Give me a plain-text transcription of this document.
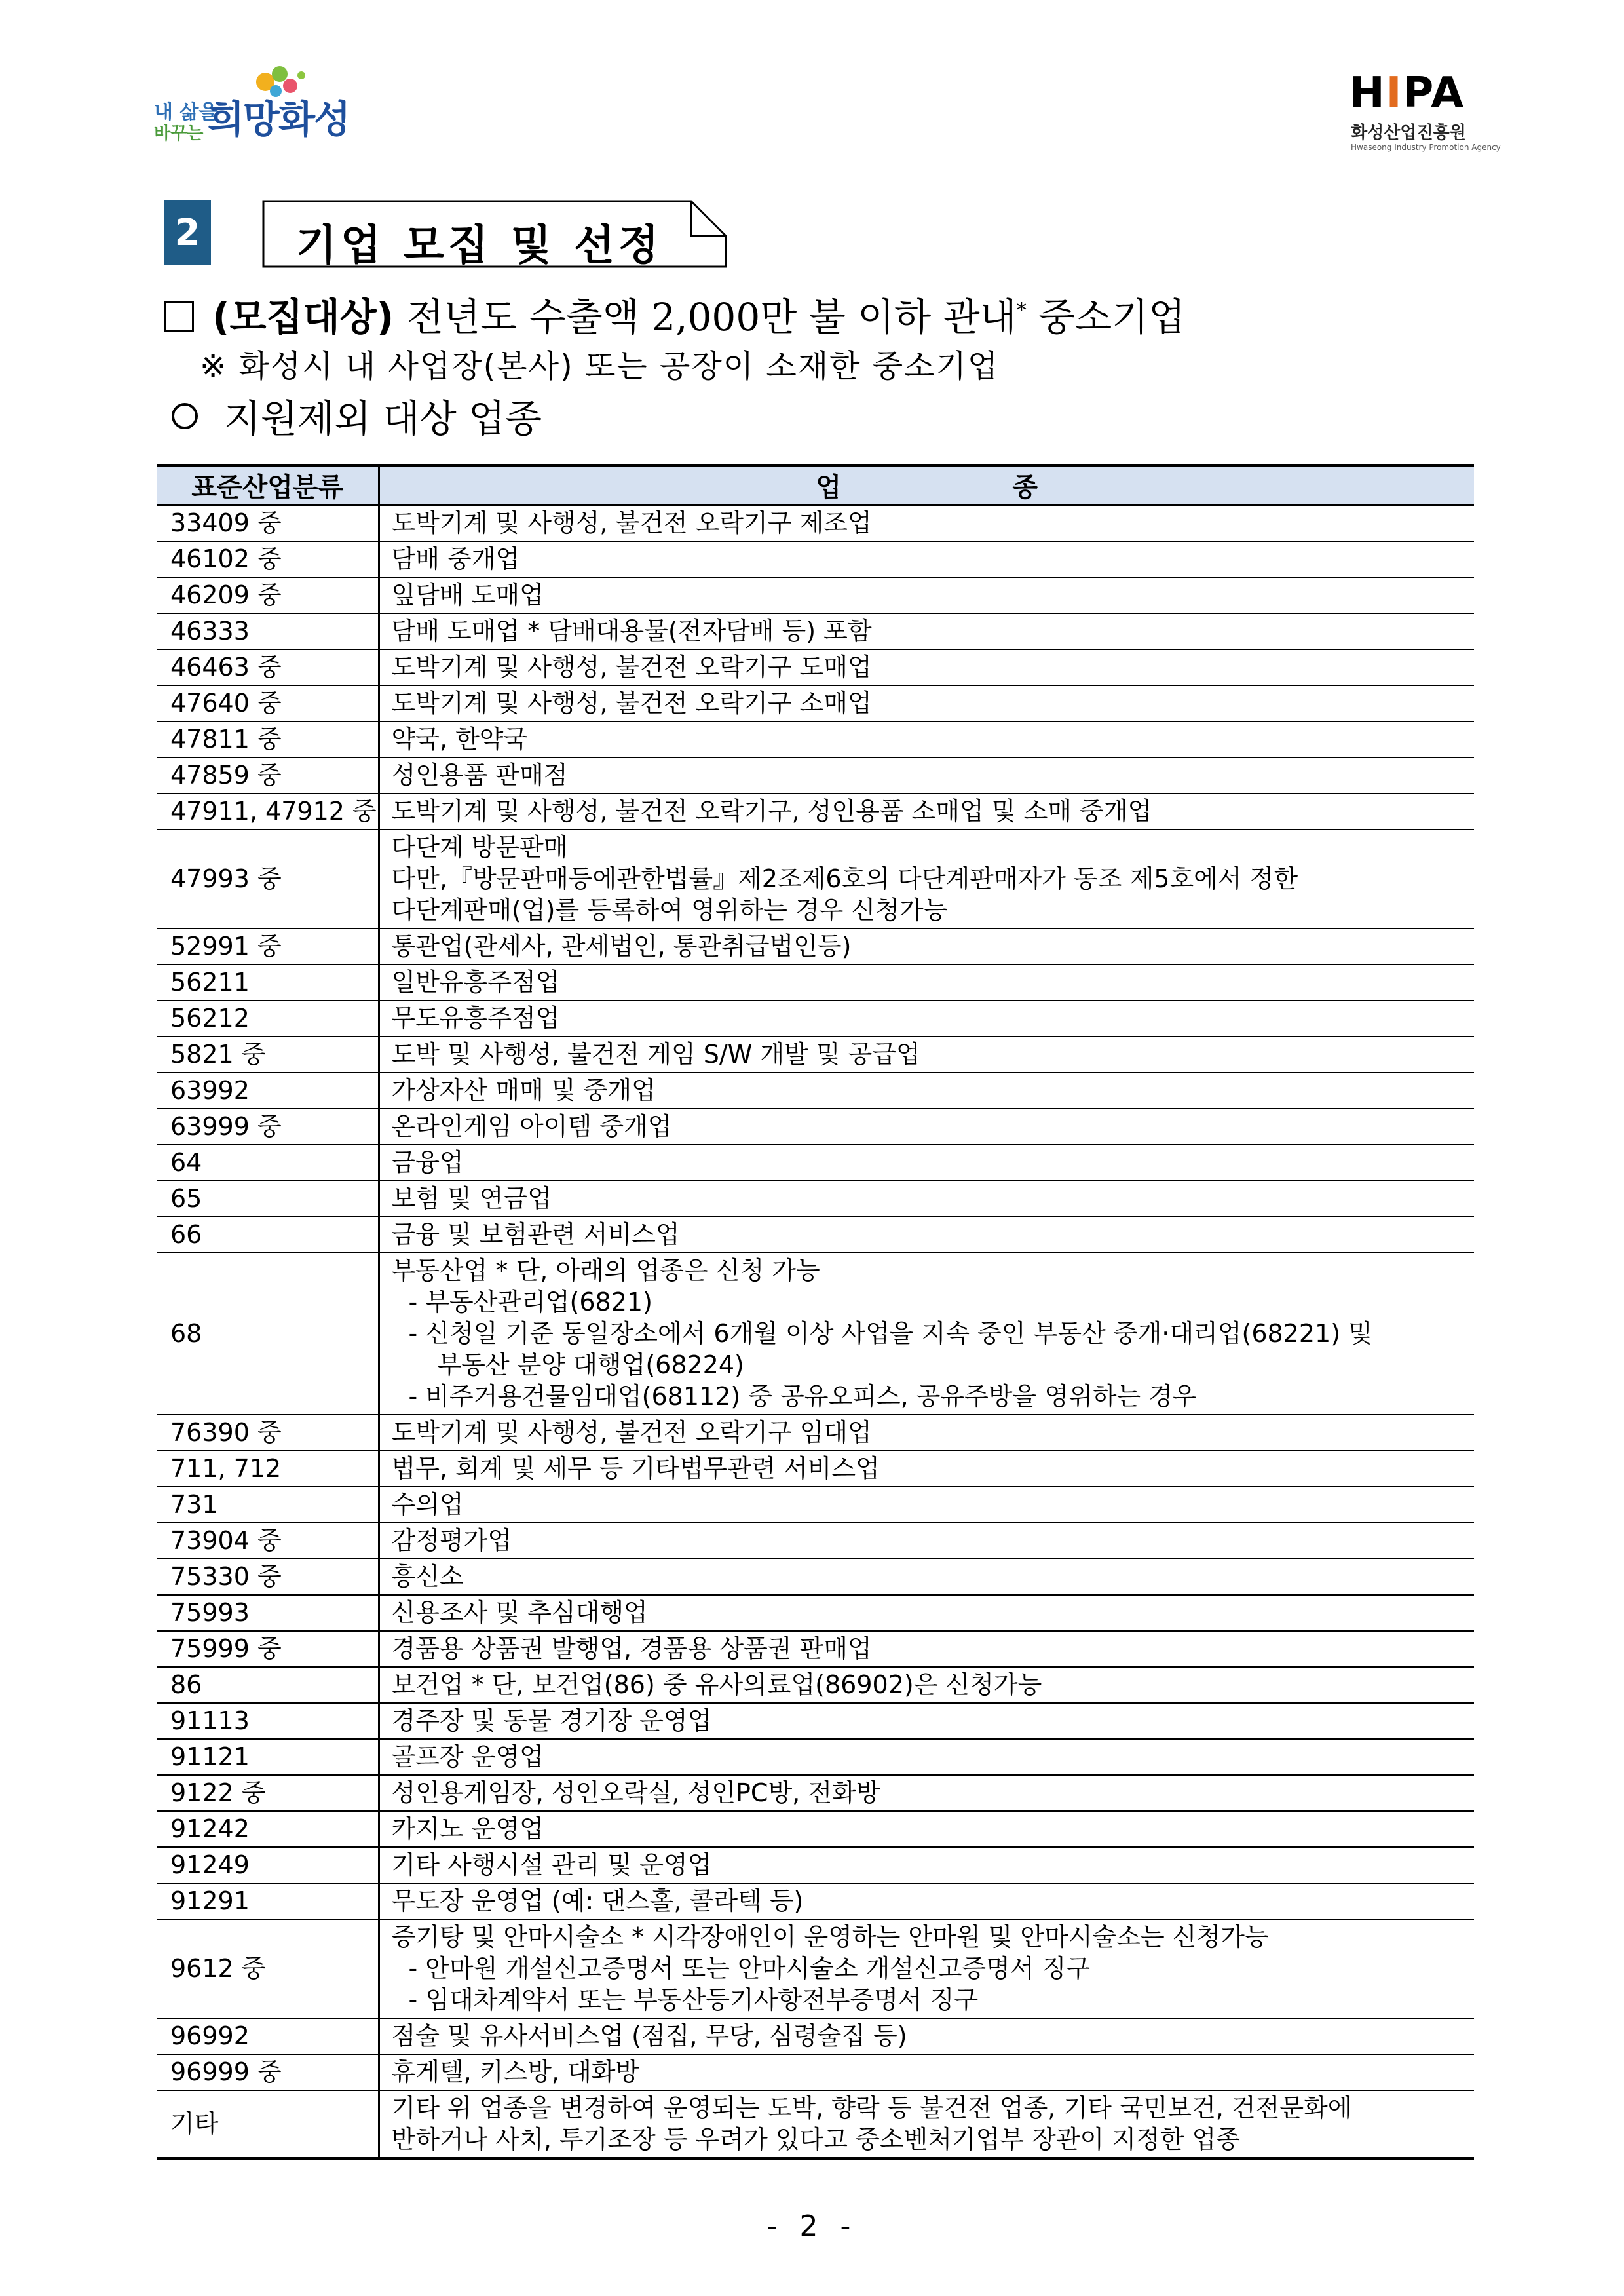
내 삶을
바꾸는 희망화성
HIPA
화성산업진흥원
Hwaseong Industry Promotion Agency
2 기업 모집 및 선정
(모집대상) 전년도 수출액 2,000만 불 이하 관내* 중소기업
※ 화성시 내 사업장(본사) 또는 공장이 소재한 중소기업
지원제외 대상 업종
표준산업분류	업 종
33409 중	도박기계 및 사행성, 불건전 오락기구 제조업

46102 중	담배 중개업

46209 중	잎담배 도매업

46333	담배 도매업 * 담배대용물(전자담배 등) 포함

46463 중	도박기계 및 사행성, 불건전 오락기구 도매업

47640 중	도박기계 및 사행성, 불건전 오락기구 소매업

47811 중	약국, 한약국

47859 중	성인용품 판매점

47911, 47912 중	도박기계 및 사행성, 불건전 오락기구, 성인용품 소매업 및 소매 중개업

47993 중	다단계 방문판매
다만,『방문판매등에관한법률』제2조제6호의 다단계판매자가 동조 제5호에서 정한
다단계판매(업)를 등록하여 영위하는 경우 신청가능

52991 중	통관업(관세사, 관세법인, 통관취급법인등)

56211	일반유흥주점업

56212	무도유흥주점업

5821 중	도박 및 사행성, 불건전 게임 S/W 개발 및 공급업

63992	가상자산 매매 및 중개업

63999 중	온라인게임 아이템 중개업

64	금융업

65	보험 및 연금업

66	금융 및 보험관련 서비스업

68	부동산업 * 단, 아래의 업종은 신청 가능
- 부동산관리업(6821)
- 신청일 기준 동일장소에서 6개월 이상 사업을 지속 중인 부동산 중개·대리업(68221) 및
부동산 분양 대행업(68224)
- 비주거용건물임대업(68112) 중 공유오피스, 공유주방을 영위하는 경우

76390 중	도박기계 및 사행성, 불건전 오락기구 임대업

711, 712	법무, 회계 및 세무 등 기타법무관련 서비스업

731	수의업

73904 중	감정평가업

75330 중	흥신소

75993	신용조사 및 추심대행업

75999 중	경품용 상품권 발행업, 경품용 상품권 판매업

86	보건업 * 단, 보건업(86) 중 유사의료업(86902)은 신청가능

91113	경주장 및 동물 경기장 운영업

91121	골프장 운영업

9122 중	성인용게임장, 성인오락실, 성인PC방, 전화방

91242	카지노 운영업

91249	기타 사행시설 관리 및 운영업

91291	무도장 운영업 (예: 댄스홀, 콜라텍 등)

9612 중	증기탕 및 안마시술소 * 시각장애인이 운영하는 안마원 및 안마시술소는 신청가능
- 안마원 개설신고증명서 또는 안마시술소 개설신고증명서 징구
- 임대차계약서 또는 부동산등기사항전부증명서 징구

96992	점술 및 유사서비스업 (점집, 무당, 심령술집 등)

96999 중	휴게텔, 키스방, 대화방

기타	기타 위 업종을 변경하여 운영되는 도박, 향락 등 불건전 업종, 기타 국민보건, 건전문화에
반하거나 사치, 투기조장 등 우려가 있다고 중소벤처기업부 장관이 지정한 업종
- 2 -
